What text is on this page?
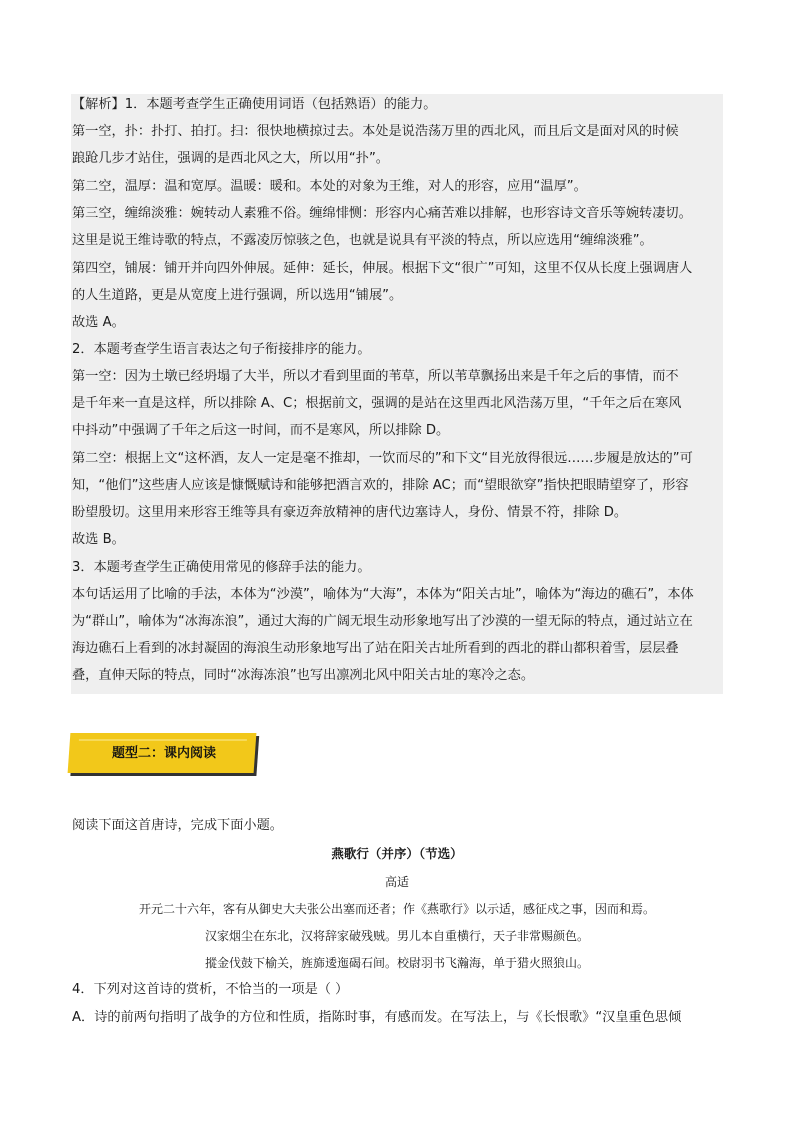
【解析】1．本题考查学生正确使用词语（包括熟语）的能力。
第一空，扑：扑打、拍打。扫：很快地横掠过去。本处是说浩荡万里的西北风，而且后文是面对风的时候
踉跄几步才站住，强调的是西北风之大，所以用“扑”。
第二空，温厚：温和宽厚。温暖：暖和。本处的对象为王维，对人的形容，应用“温厚”。
第三空，缠绵淡雅：婉转动人素雅不俗。缠绵悱恻：形容内心痛苦难以排解，也形容诗文音乐等婉转凄切。
这里是说王维诗歌的特点，不露凌厉惊骇之色，也就是说具有平淡的特点，所以应选用“缠绵淡雅”。
第四空，铺展：铺开并向四外伸展。延伸：延长，伸展。根据下文“很广”可知，这里不仅从长度上强调唐人
的人生道路，更是从宽度上进行强调，所以选用“铺展”。
故选 A。
2．本题考查学生语言表达之句子衔接排序的能力。
第一空：因为土墩已经坍塌了大半，所以才看到里面的苇草，所以苇草飘扬出来是千年之后的事情，而不
是千年来一直是这样，所以排除 A、C；根据前文，强调的是站在这里西北风浩荡万里，“千年之后在寒风
中抖动”中强调了千年之后这一时间，而不是寒风，所以排除 D。
第二空：根据上文“这杯酒，友人一定是毫不推却，一饮而尽的”和下文“目光放得很远……步履是放达的”可
知，“他们”这些唐人应该是慷慨赋诗和能够把酒言欢的，排除 AC；而“望眼欲穿”指快把眼睛望穿了，形容
盼望殷切。这里用来形容王维等具有豪迈奔放精神的唐代边塞诗人，身份、情景不符，排除 D。
故选 B。
3．本题考查学生正确使用常见的修辞手法的能力。
本句话运用了比喻的手法，本体为“沙漠”，喻体为“大海”，本体为“阳关古址”，喻体为“海边的礁石”，本体
为“群山”，喻体为“冰海冻浪”，通过大海的广阔无垠生动形象地写出了沙漠的一望无际的特点，通过站立在
海边礁石上看到的冰封凝固的海浪生动形象地写出了站在阳关古址所看到的西北的群山都积着雪，层层叠
叠，直伸天际的特点，同时“冰海冻浪”也写出凛冽北风中阳关古址的寒冷之态。
题型二：课内阅读
阅读下面这首唐诗，完成下面小题。
燕歌行（并序）（节选）
高适
开元二十六年，客有从御史大夫张公出塞而还者；作《燕歌行》以示适，感征戍之事，因而和焉。
汉家烟尘在东北，汉将辞家破残贼。男儿本自重横行，天子非常赐颜色。
摐金伐鼓下榆关，旌旆逶迤碣石间。校尉羽书飞瀚海，单于猎火照狼山。
4．下列对这首诗的赏析，不恰当的一项是（ ）
A．诗的前两句指明了战争的方位和性质，指陈时事，有感而发。在写法上，与《长恨歌》“汉皇重色思倾
